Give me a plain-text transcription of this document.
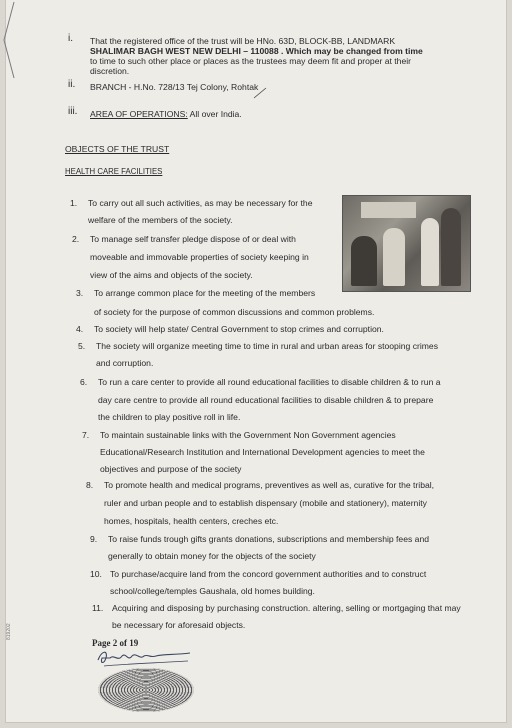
i. That the registered office of the trust will be HNo. 63D, BLOCK-BB, LANDMARK
SHALIMAR BAGH WEST NEW DELHI – 110088 . Which may be changed from time
to time to such other place or places as the trustees may deem fit and proper at their
discretion.
ii. BRANCH - H.No. 728/13 Tej Colony, Rohtak
iii. AREA OF OPERATIONS: All over India.
OBJECTS OF THE TRUST
HEALTH CARE FACILITIES
1. To carry out all such activities, as may be necessary for the
welfare of the members of the society.
2. To manage self transfer pledge dispose of or deal with
moveable and immovable properties of society keeping in
view of the aims and objects of the society.
3. To arrange common place for the meeting of the members
of society for the purpose of common discussions and common problems.
4. To society will help state/ Central Government to stop crimes and corruption.
5. The society will organize meeting time to time in rural and urban areas for stooping crimes
and corruption.
6. To run a care center to provide all round educational facilities to disable children & to run a
day care centre to provide all round educational facilities to disable children & to prepare
the children to play positive roll in life.
7. To maintain sustainable links with the Government Non Government agencies
Educational/Research Institution and International Development agencies to meet the
objectives and purpose of the society
8. To promote health and medical programs, preventives as well as, curative for the tribal,
ruler and urban people and to establish dispensary (mobile and stationery), maternity
homes, hospitals, health centers, creches etc.
9. To raise funds trough gifts grants donations, subscriptions and membership fees and
generally to obtain money for the objects of the society
10. To purchase/acquire land from the concord government authorities and to construct
school/college/temples Gaushala, old homes building.
11. Acquiring and disposing by purchasing construction. altering, selling or mortgaging that may
be necessary for aforesaid objects.
Page 2 of 19
819202
